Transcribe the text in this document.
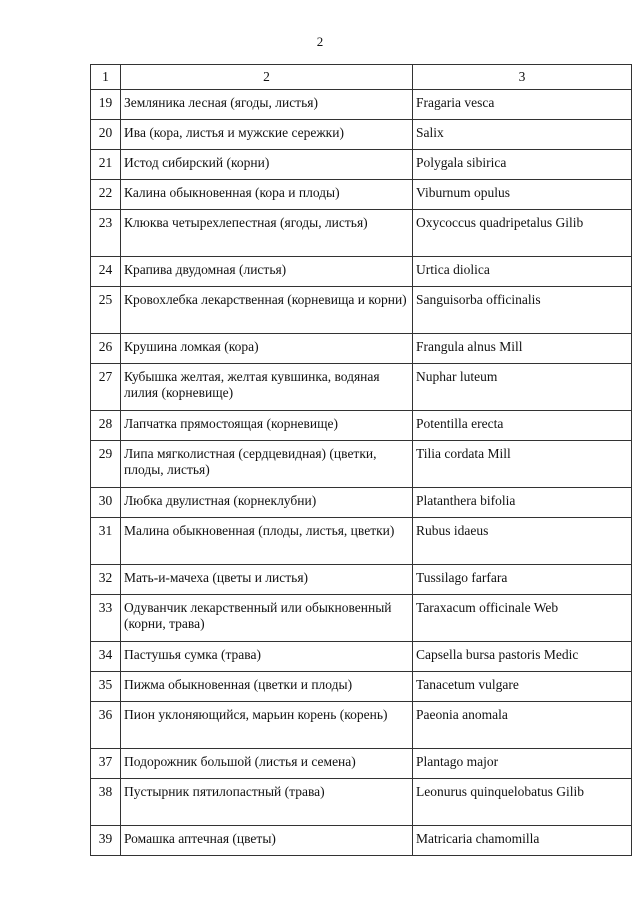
2
1	2	3
19	Земляника лесная (ягоды, листья)	Fragaria vesca
20	Ива (кора, листья и мужские сережки)	Salix
21	Истод сибирский (корни)	Polygala sibirica
22	Калина обыкновенная (кора и плоды)	Viburnum opulus
23	Клюква четырехлепестная (ягоды, листья)	Oxycoccus quadripetalus Gilib
24	Крапива двудомная (листья)	Urtica diolica
25	Кровохлебка лекарственная (корневища и корни)	Sanguisorba officinalis
26	Крушина ломкая (кора)	Frangula alnus Mill
27	Кубышка желтая, желтая кувшинка, водяная лилия (корневище)	Nuphar luteum
28	Лапчатка прямостоящая (корневище)	Potentilla erecta
29	Липа мягколистная (сердцевидная) (цветки, плоды, листья)	Tilia cordata Mill
30	Любка двулистная (корнеклубни)	Platanthera bifolia
31	Малина обыкновенная (плоды, листья, цветки)	Rubus idaeus
32	Мать-и-мачеха (цветы и листья)	Tussilago farfara
33	Одуванчик лекарственный или обыкновенный (корни, трава)	Taraxacum officinale Web
34	Пастушья сумка (трава)	Capsella bursa pastoris Medic
35	Пижма обыкновенная (цветки и плоды)	Tanacetum vulgare
36	Пион уклоняющийся, марьин корень (корень)	Paeonia anomala
37	Подорожник большой (листья и семена)	Plantago major
38	Пустырник пятилопастный (трава)	Leonurus quinquelobatus Gilib
39	Ромашка аптечная (цветы)	Matricaria chamomilla
